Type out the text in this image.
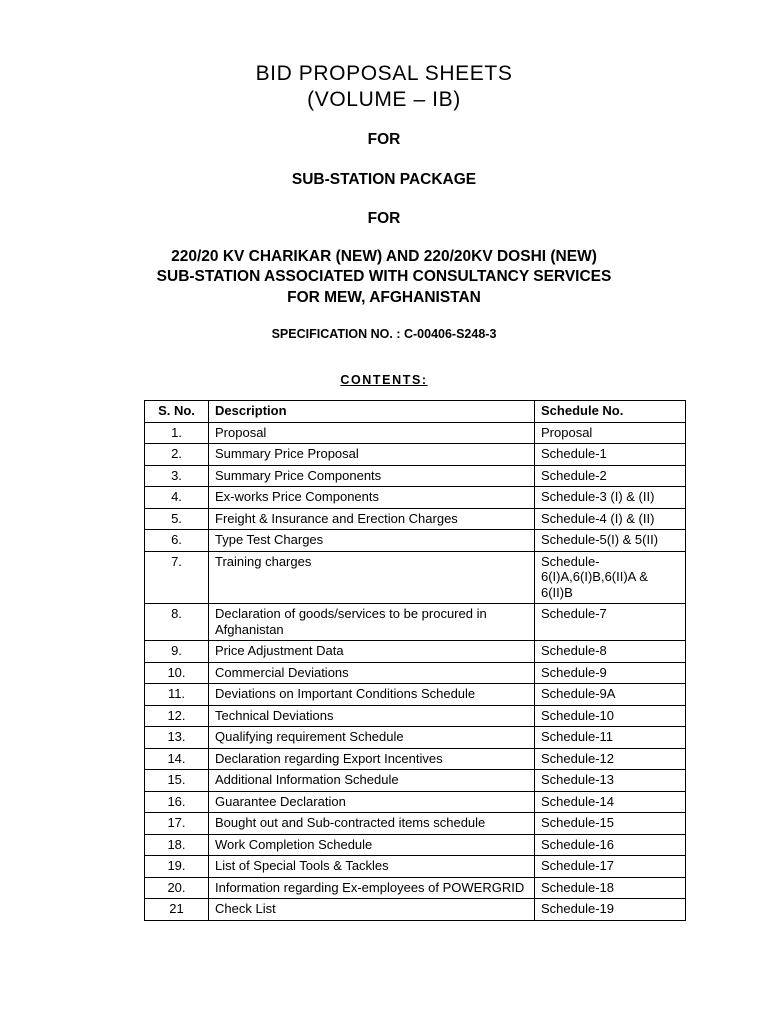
BID PROPOSAL SHEETS
(VOLUME – IB)
FOR
SUB-STATION PACKAGE
FOR
220/20 KV CHARIKAR (NEW) AND 220/20KV DOSHI (NEW)
SUB-STATION ASSOCIATED WITH CONSULTANCY SERVICES
FOR MEW, AFGHANISTAN
SPECIFICATION NO. : C-00406-S248-3
CONTENTS:
S. No.	Description	Schedule No.
1.	Proposal	Proposal
2.	Summary Price Proposal	Schedule-1
3.	Summary Price Components	Schedule-2
4.	Ex-works Price Components	Schedule-3 (I) & (II)
5.	Freight & Insurance and Erection Charges	Schedule-4 (I) & (II)
6.	Type Test Charges	Schedule-5(I) & 5(II)
7.	Training charges	Schedule-6(I)A,6(I)B,6(II)A & 6(II)B
8.	Declaration of goods/services to be procured in Afghanistan	Schedule-7
9.	Price Adjustment Data	Schedule-8
10.	Commercial Deviations	Schedule-9
11.	Deviations on Important Conditions Schedule	Schedule-9A
12.	Technical Deviations	Schedule-10
13.	Qualifying requirement Schedule	Schedule-11
14.	Declaration regarding Export Incentives	Schedule-12
15.	Additional Information Schedule	Schedule-13
16.	Guarantee Declaration	Schedule-14
17.	Bought out and Sub-contracted items schedule	Schedule-15
18.	Work Completion Schedule	Schedule-16
19.	List of Special Tools & Tackles	Schedule-17
20.	Information regarding Ex-employees of POWERGRID	Schedule-18
21	Check List	Schedule-19
